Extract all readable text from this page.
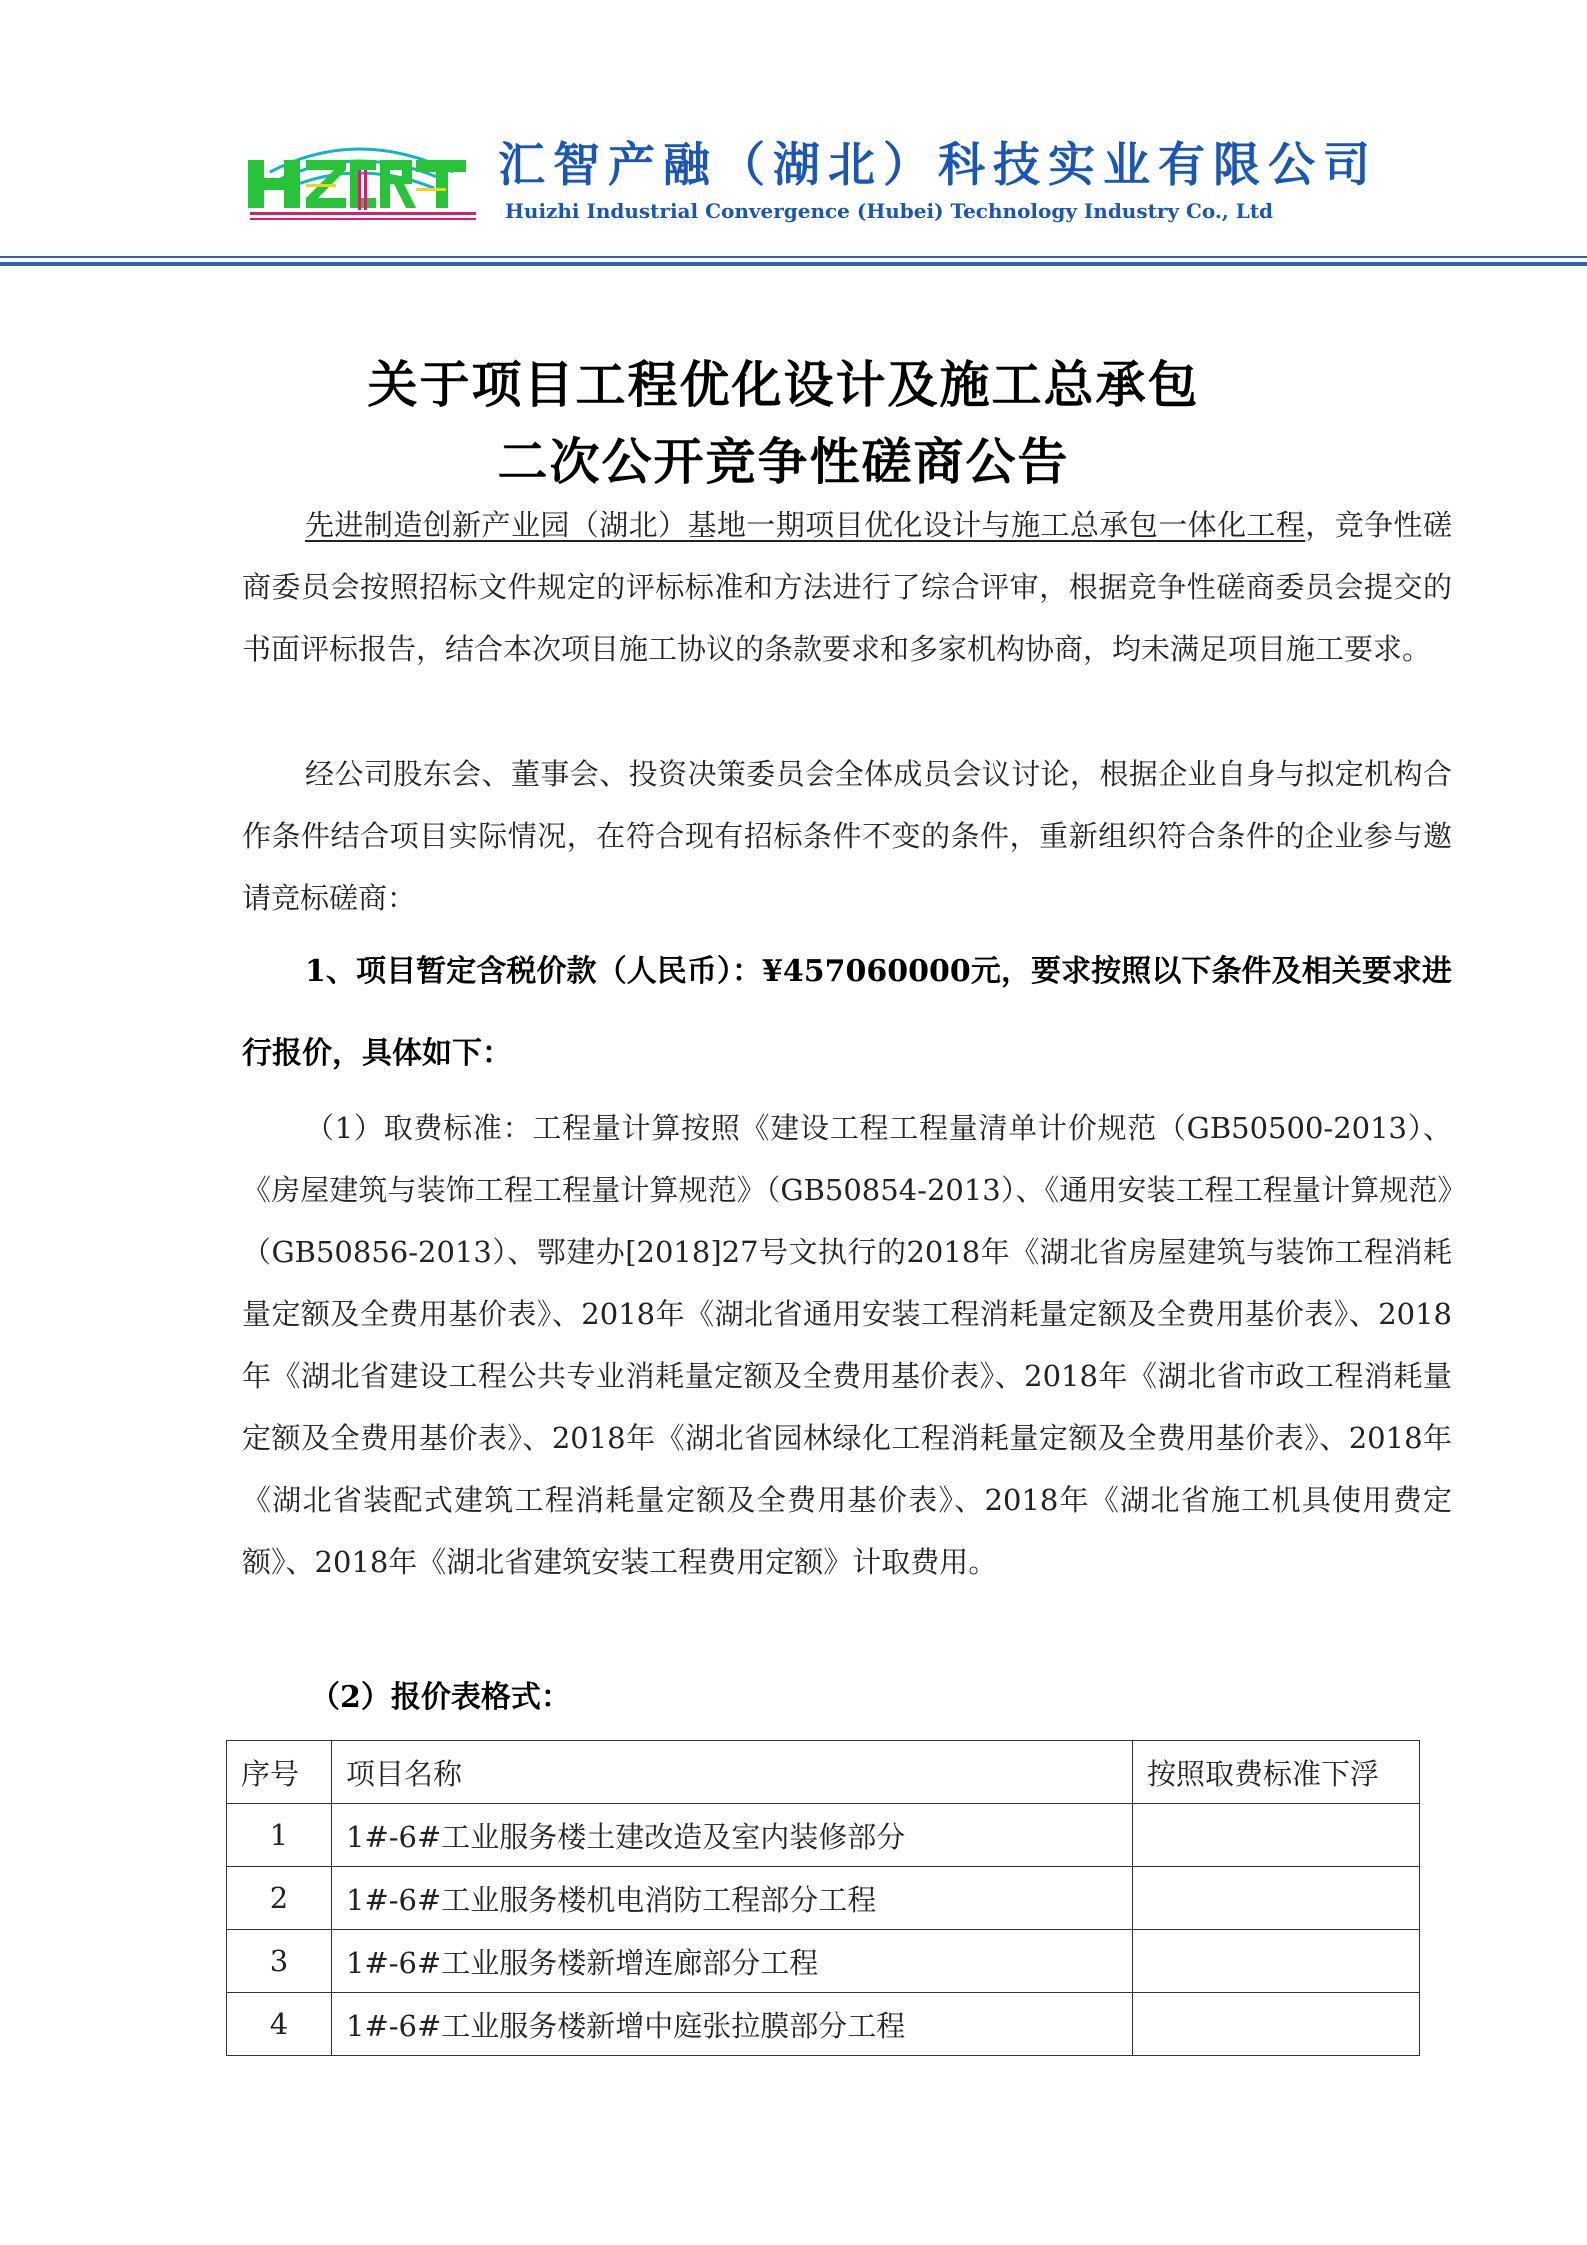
汇智产融（湖北）科技实业有限公司
Huizhi Industrial Convergence (Hubei) Technology Industry Co., Ltd
关于项目工程优化设计及施工总承包
二次公开竞争性磋商公告

先进制造创新产业园（湖北）基地一期项目优化设计与施工总承包一体化工程，竞争性磋商委员会按照招标文件规定的评标标准和方法进行了综合评审，根据竞争性磋商委员会提交的书面评标报告，结合本次项目施工协议的条款要求和多家机构协商，均未满足项目施工要求。

经公司股东会、董事会、投资决策委员会全体成员会议讨论，根据企业自身与拟定机构合作条件结合项目实际情况，在符合现有招标条件不变的条件，重新组织符合条件的企业参与邀请竞标磋商：

1、项目暂定含税价款（人民币）：¥457060000元，要求按照以下条件及相关要求进行报价，具体如下：

（1）取费标准：工程量计算按照《建设工程工程量清单计价规范（GB50500-2013）、《房屋建筑与装饰工程工程量计算规范》（GB50854-2013）、《通用安装工程工程量计算规范》（GB50856-2013）、鄂建办[2018]27号文执行的2018年《湖北省房屋建筑与装饰工程消耗量定额及全费用基价表》、2018年《湖北省通用安装工程消耗量定额及全费用基价表》、2018年《湖北省建设工程公共专业消耗量定额及全费用基价表》、2018年《湖北省市政工程消耗量定额及全费用基价表》、2018年《湖北省园林绿化工程消耗量定额及全费用基价表》、2018年《湖北省装配式建筑工程消耗量定额及全费用基价表》、2018年《湖北省施工机具使用费定额》、2018年《湖北省建筑安装工程费用定额》计取费用。

（2）报价表格式：
序号	项目名称	按照取费标准下浮
1	1#-6#工业服务楼土建改造及室内装修部分	
2	1#-6#工业服务楼机电消防工程部分工程	
3	1#-6#工业服务楼新增连廊部分工程	
4	1#-6#工业服务楼新增中庭张拉膜部分工程	
